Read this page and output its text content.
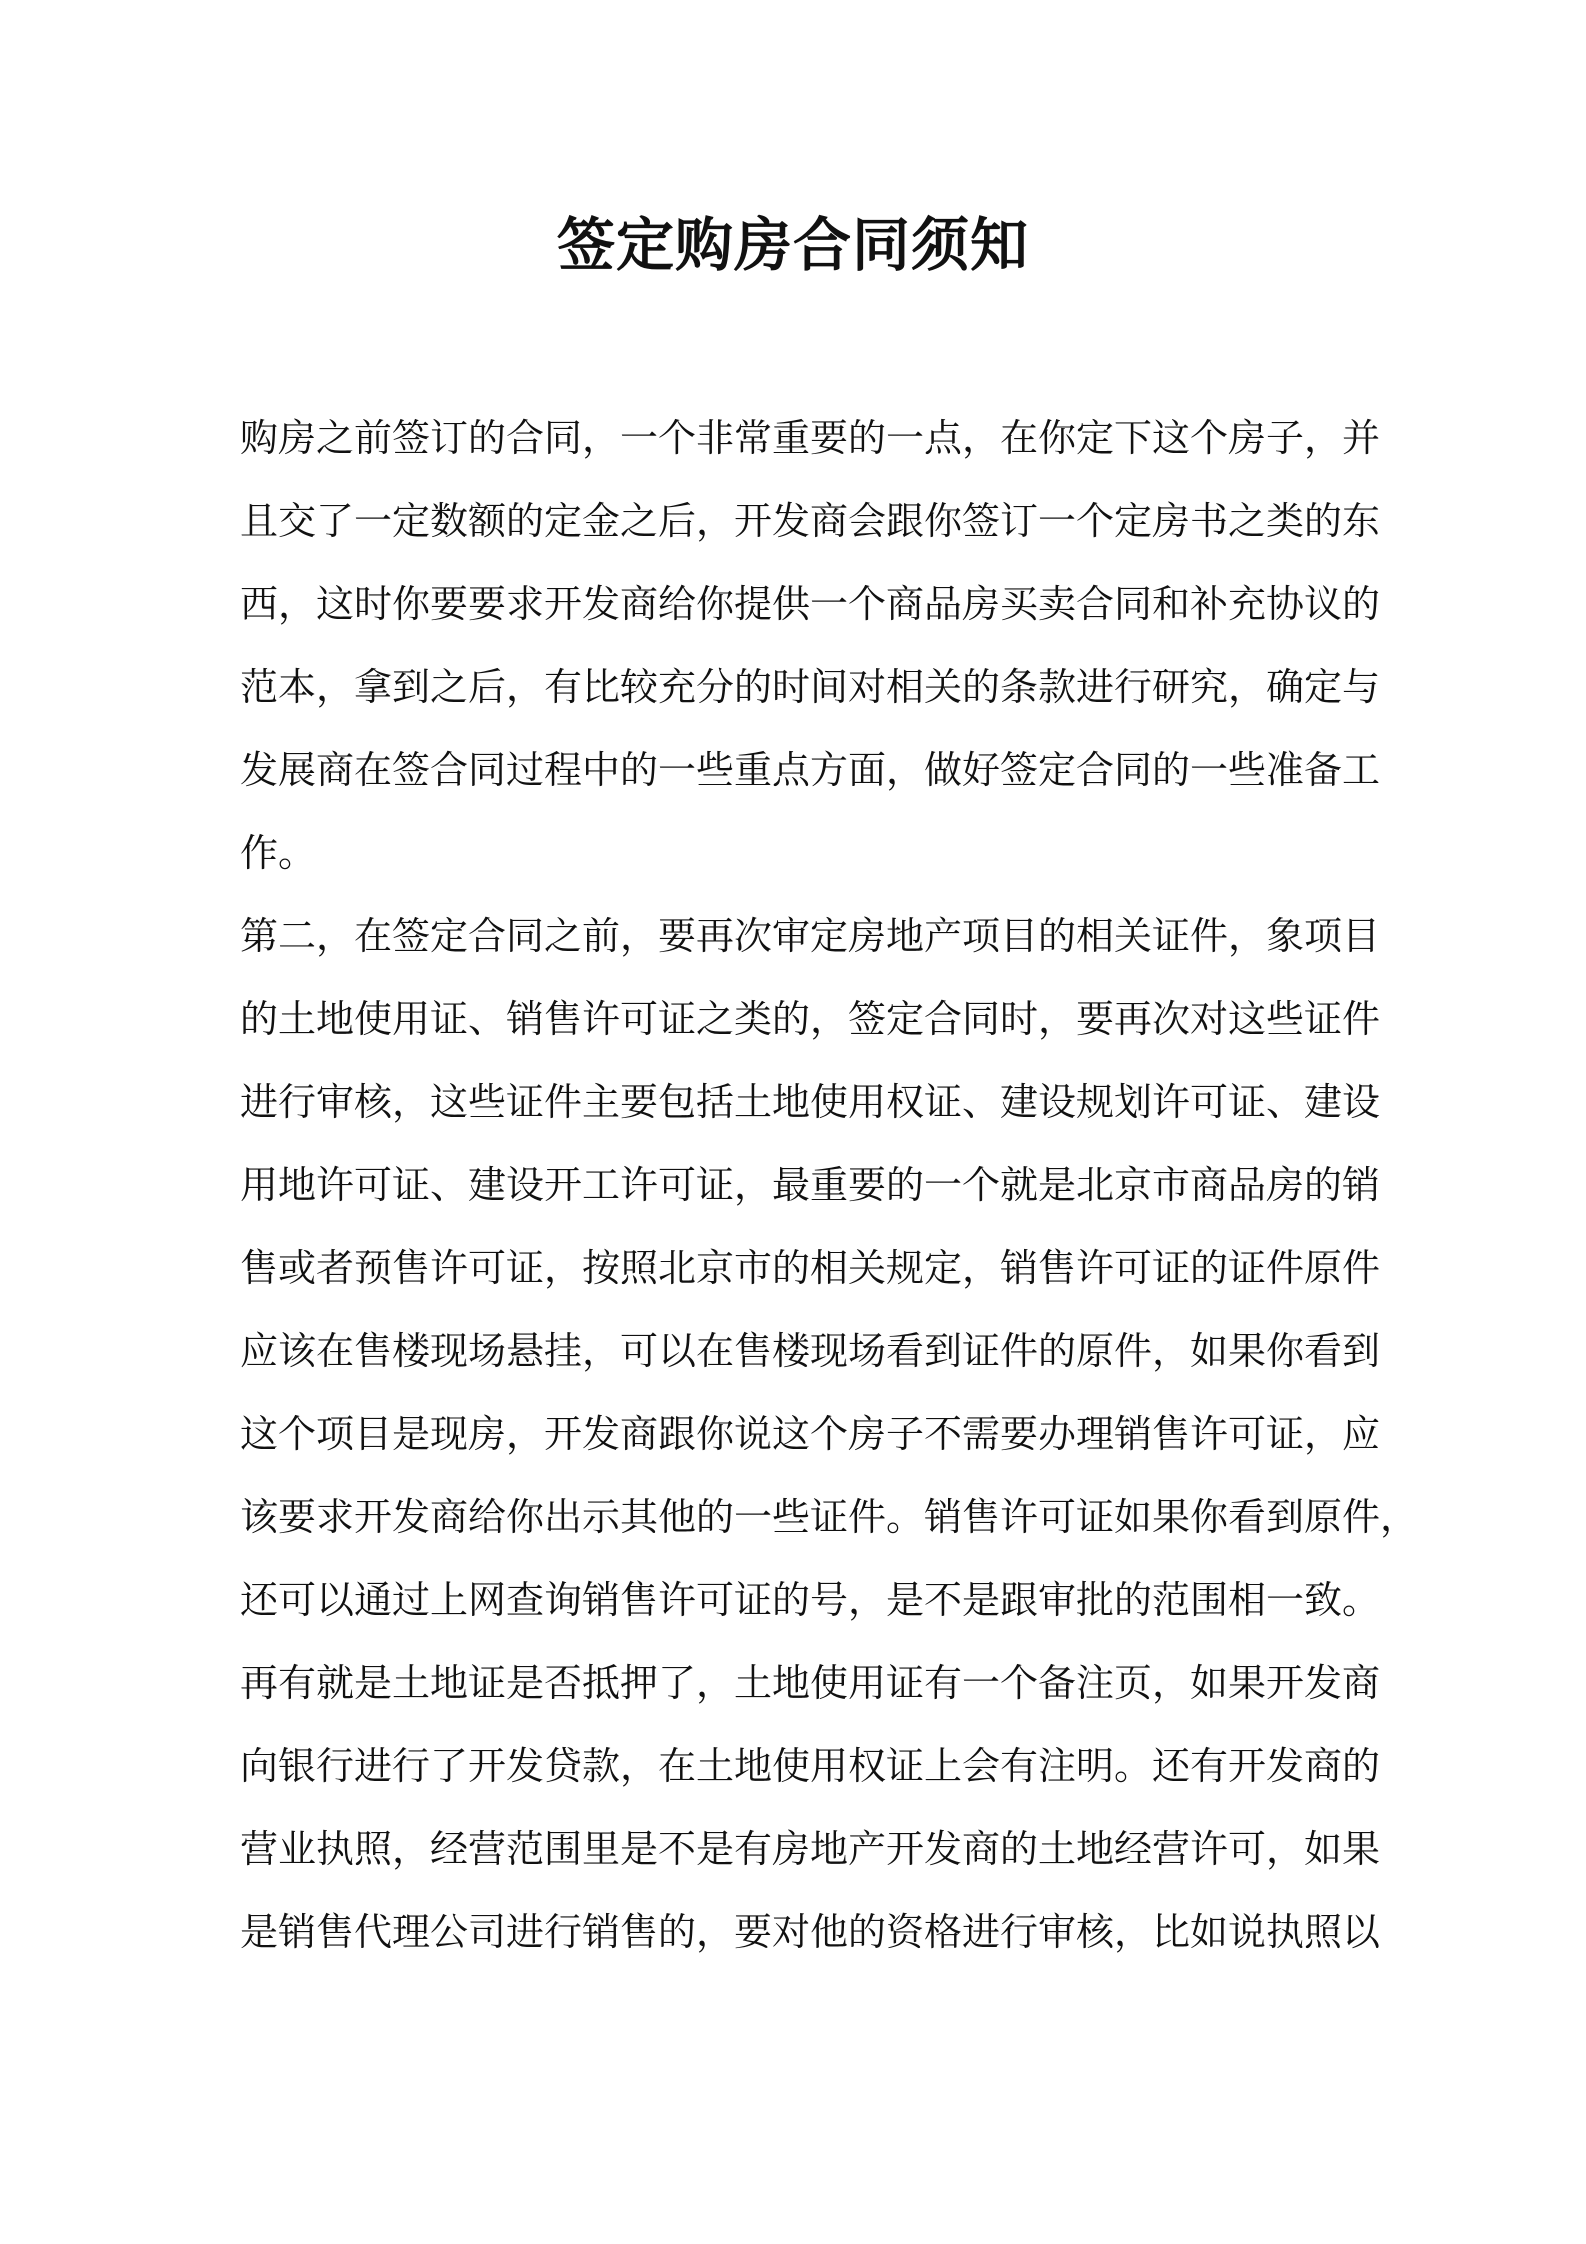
签定购房合同须知

购房之前签订的合同，一个非常重要的一点，在你定下这个房子，并

且交了一定数额的定金之后，开发商会跟你签订一个定房书之类的东

西，这时你要要求开发商给你提供一个商品房买卖合同和补充协议的

范本，拿到之后，有比较充分的时间对相关的条款进行研究，确定与

发展商在签合同过程中的一些重点方面，做好签定合同的一些准备工

作。

第二，在签定合同之前，要再次审定房地产项目的相关证件，象项目

的土地使用证、销售许可证之类的，签定合同时，要再次对这些证件

进行审核，这些证件主要包括土地使用权证、建设规划许可证、建设

用地许可证、建设开工许可证，最重要的一个就是北京市商品房的销

售或者预售许可证，按照北京市的相关规定，销售许可证的证件原件

应该在售楼现场悬挂，可以在售楼现场看到证件的原件，如果你看到

这个项目是现房，开发商跟你说这个房子不需要办理销售许可证，应

该要求开发商给你出示其他的一些证件。销售许可证如果你看到原件，

还可以通过上网查询销售许可证的号，是不是跟审批的范围相一致。

再有就是土地证是否抵押了，土地使用证有一个备注页，如果开发商

向银行进行了开发贷款，在土地使用权证上会有注明。还有开发商的

营业执照，经营范围里是不是有房地产开发商的土地经营许可，如果

是销售代理公司进行销售的，要对他的资格进行审核，比如说执照以
